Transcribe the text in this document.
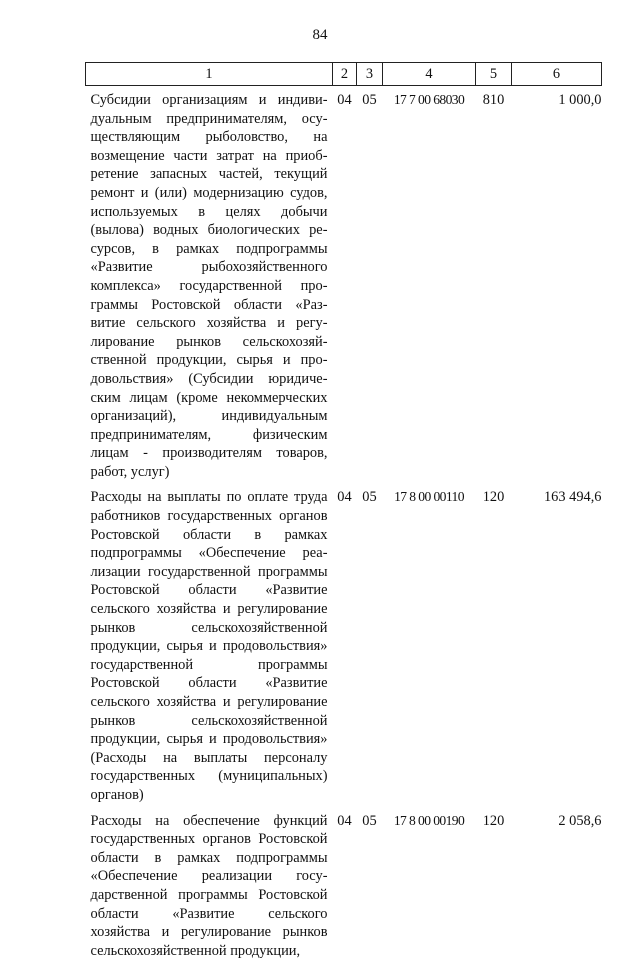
84
1	2	3	4	5	6
Субсидии организациям и индивидуальным предпринимателям, осуществляющим рыболовство, на возмещение части затрат на приобретение запасных частей, текущий ремонт и (или) модернизацию судов, используемых в целях добычи (вылова) водных биологических ресурсов, в рамках подпрограммы «Развитие рыбохозяйственного комплекса» государственной программы Ростовской области «Развитие сельского хозяйства и регулирование рынков сельскохозяйственной продукции, сырья и продовольствия» (Субсидии юридическим лицам (кроме некоммерческих организаций), индивидуальным предпринимателям, физическим лицам - производителям товаров, работ, услуг)	04	05	17 7 00 68030	810	1 000,0
Расходы на выплаты по оплате труда работников государственных органов Ростовской области в рамках подпрограммы «Обеспечение реализации государственной программы Ростовской области «Развитие сельского хозяйства и регулирование рынков сельскохозяйственной продукции, сырья и продовольствия» государственной программы Ростовской области «Развитие сельского хозяйства и регулирование рынков сельскохозяйственной продукции, сырья и продовольствия» (Расходы на выплаты персоналу государственных (муниципальных) органов)	04	05	17 8 00 00110	120	163 494,6
Расходы на обеспечение функций государственных органов Ростовской области в рамках подпрограммы «Обеспечение реализации государственной программы Ростовской области «Развитие сельского хозяйства и регулирование рынков сельскохозяйственной продукции,	04	05	17 8 00 00190	120	2 058,6
